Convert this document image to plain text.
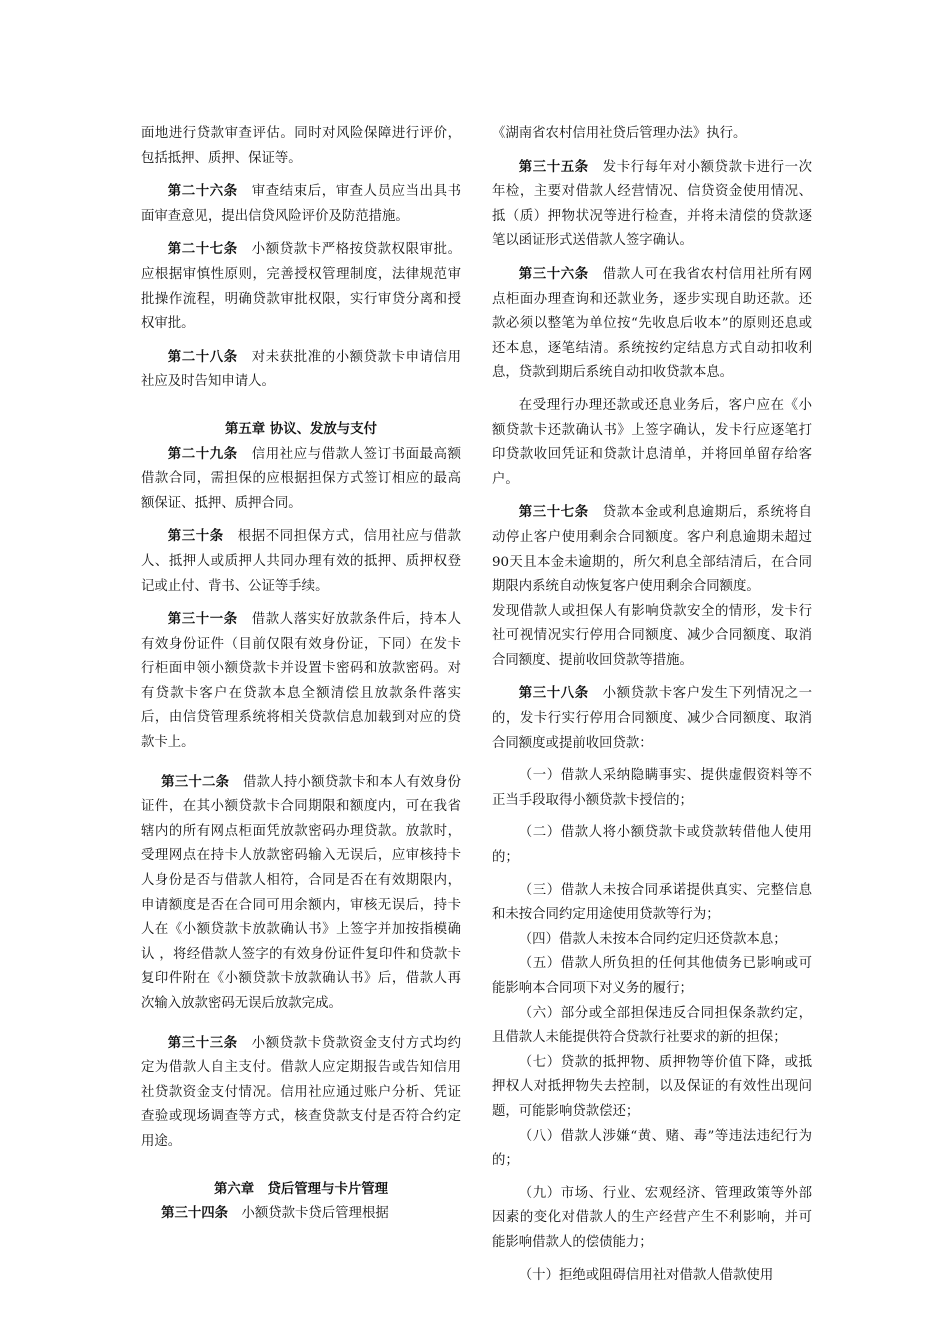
面地进行贷款审查评估。同时对风险保障进行评价，包括抵押、质押、保证等。

第二十六条　 审查结束后，审查人员应当出具书面审查意见，提出信贷风险评价及防范措施。

第二十七条　 小额贷款卡严格按贷款权限审批。应根据审慎性原则，完善授权管理制度，法律规范审批操作流程，明确贷款审批权限，实行审贷分离和授权审批。

第二十八条　 对未获批准的小额贷款卡申请信用社应及时告知申请人。

第五章 协议、发放与支付

第二十九条　 信用社应与借款人签订书面最高额借款合同，需担保的应根据担保方式签订相应的最高额保证、抵押、质押合同。

第三十条　 根据不同担保方式，信用社应与借款人、抵押人或质押人共同办理有效的抵押、质押权登记或止付、背书、公证等手续。

第三十一条　 借款人落实好放款条件后，持本人有效身份证件（目前仅限有效身份证，下同）在发卡行柜面申领小额贷款卡并设置卡密码和放款密码。对有贷款卡客户在贷款本息全额清偿且放款条件落实后，由信贷管理系统将相关贷款信息加载到对应的贷款卡上。

第三十二条　 借款人持小额贷款卡和本人有效身份证件，在其小额贷款卡合同期限和额度内，可在我省辖内的所有网点柜面凭放款密码办理贷款。放款时，受理网点在持卡人放款密码输入无误后，应审核持卡人身份是否与借款人相符，合同是否在有效期限内，申请额度是否在合同可用余额内，审核无误后，持卡人在《小额贷款卡放款确认书》上签字并加按指模确认 ，将经借款人签字的有效身份证件复印件和贷款卡复印件附在《小额贷款卡放款确认书》后，借款人再次输入放款密码无误后放款完成。

第三十三条　 小额贷款卡贷款资金支付方式均约定为借款人自主支付。借款人应定期报告或告知信用社贷款资金支付情况。信用社应通过账户分析、凭证查验或现场调查等方式，核查贷款支付是否符合约定用途。

第六章　贷后管理与卡片管理

第三十四条　 小额贷款卡贷后管理根据

《湖南省农村信用社贷后管理办法》执行。

第三十五条　 发卡行每年对小额贷款卡进行一次年检，主要对借款人经营情况、信贷资金使用情况、抵（质）押物状况等进行检查，并将未清偿的贷款逐笔以函证形式送借款人签字确认。

第三十六条　 借款人可在我省农村信用社所有网点柜面办理查询和还款业务，逐步实现自助还款。还款必须以整笔为单位按“先收息后收本”的原则还息或还本息，逐笔结清。系统按约定结息方式自动扣收利息，贷款到期后系统自动扣收贷款本息。

在受理行办理还款或还息业务后，客户应在《小额贷款卡还款确认书》上签字确认，发卡行应逐笔打印贷款收回凭证和贷款计息清单，并将回单留存给客户。

第三十七条　 贷款本金或利息逾期后，系统将自动停止客户使用剩余合同额度。客户利息逾期未超过90天且本金未逾期的，所欠利息全部结清后，在合同期限内系统自动恢复客户使用剩余合同额度。

发现借款人或担保人有影响贷款安全的情形，发卡行社可视情况实行停用合同额度、减少合同额度、取消合同额度、提前收回贷款等措施。

第三十八条　 小额贷款卡客户发生下列情况之一的，发卡行实行停用合同额度、减少合同额度、取消合同额度或提前收回贷款：

（一）借款人采纳隐瞒事实、提供虚假资料等不正当手段取得小额贷款卡授信的；

（二）借款人将小额贷款卡或贷款转借他人使用的；

（三）借款人未按合同承诺提供真实、完整信息和未按合同约定用途使用贷款等行为；

（四）借款人未按本合同约定归还贷款本息；

（五）借款人所负担的任何其他债务已影响或可能影响本合同项下对义务的履行；

（六）部分或全部担保违反合同担保条款约定，且借款人未能提供符合贷款行社要求的新的担保；

（七）贷款的抵押物、质押物等价值下降，或抵押权人对抵押物失去控制，以及保证的有效性出现问题，可能影响贷款偿还；

（八）借款人涉嫌“黄、赌、毒”等违法违纪行为的；

（九）市场、行业、宏观经济、管理政策等外部因素的变化对借款人的生产经营产生不利影响，并可能影响借款人的偿债能力；

（十）拒绝或阻碍信用社对借款人借款使用
